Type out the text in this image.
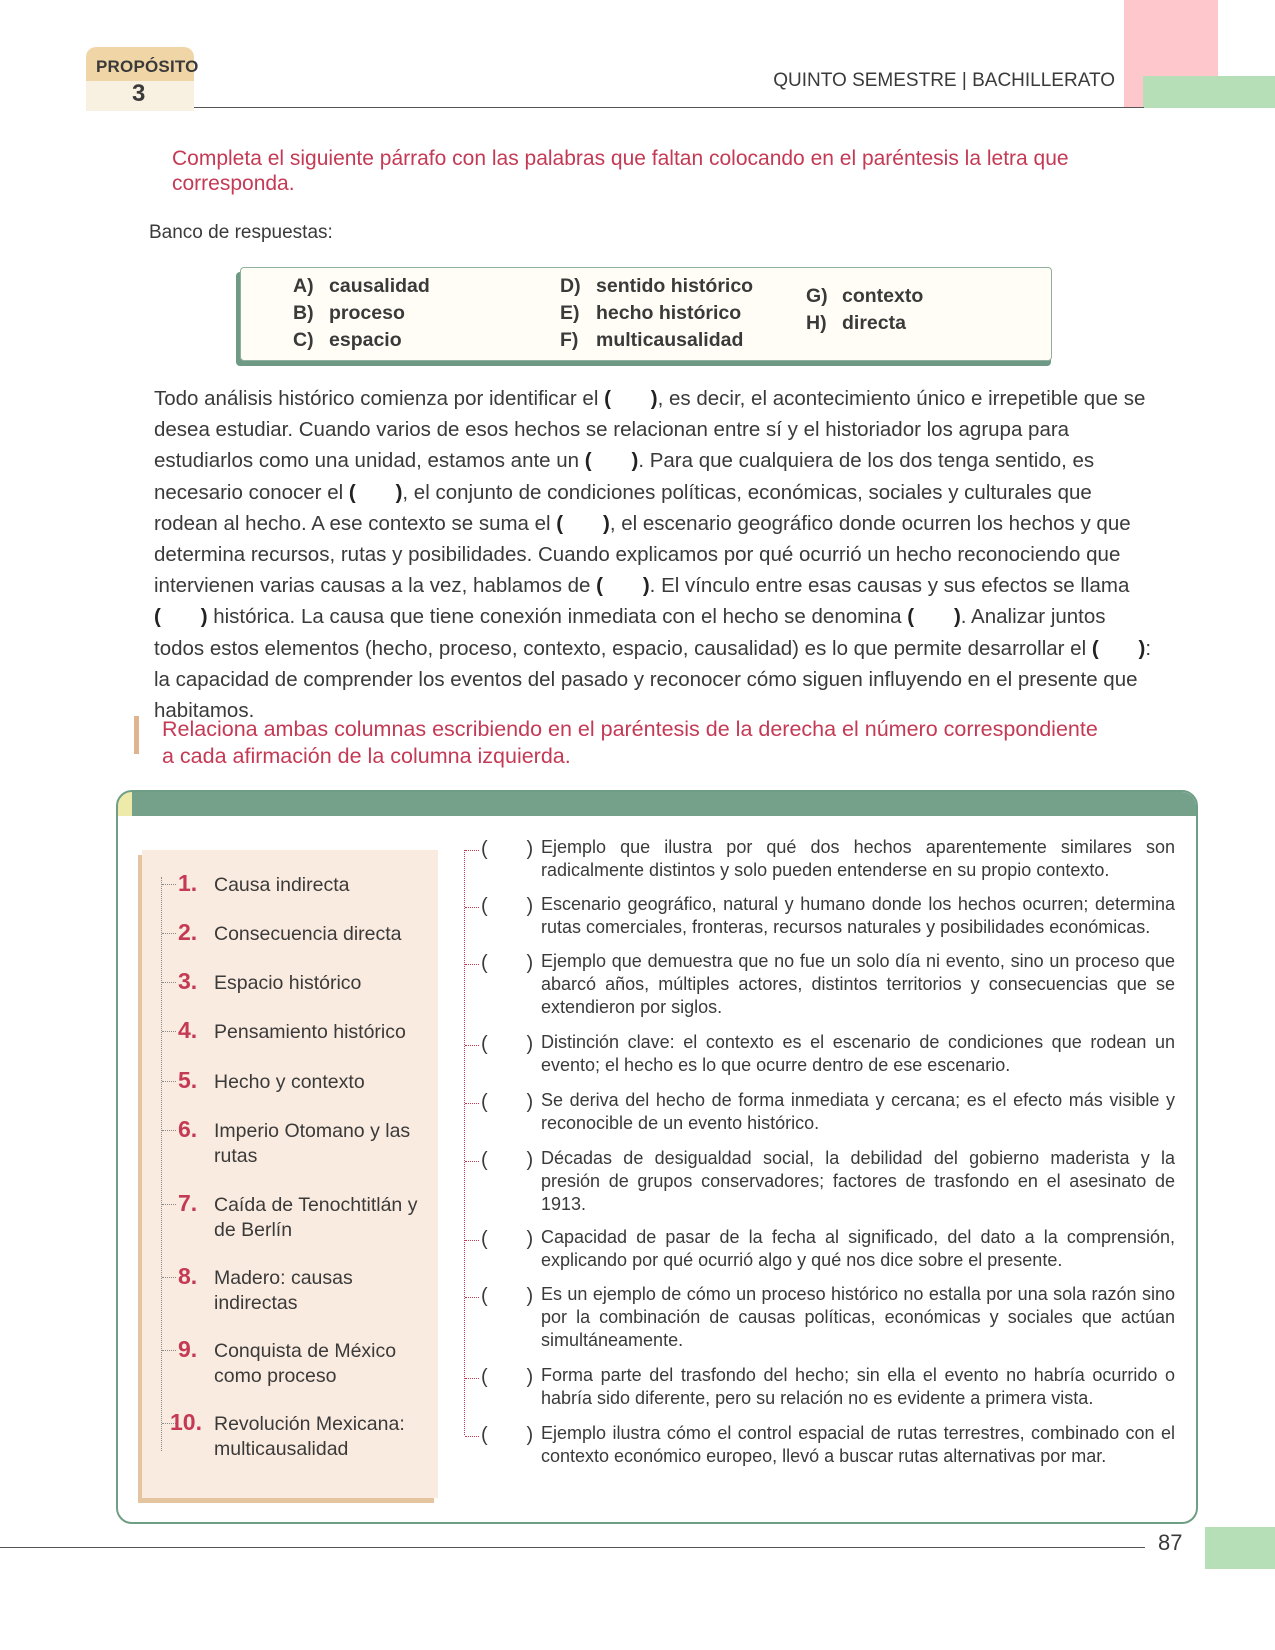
PROPÓSITO
3	QUINTO SEMESTRE | BACHILLERATO
Completa el siguiente párrafo con las palabras que faltan colocando en el paréntesis la letra que
corresponda.
Banco de respuestas:
A) causalidad
B) proceso
C) espacio
D) sentido histórico
E) hecho histórico
F) multicausalidad
G) contexto
H) directa
Todo análisis histórico comienza por identificar el (       ), es decir, el acontecimiento único e irrepetible que se desea estudiar. Cuando varios de esos hechos se relacionan entre sí y el historiador los agrupa para estudiarlos como una unidad, estamos ante un (       ). Para que cualquiera de los dos tenga sentido, es necesario conocer el (       ), el conjunto de condiciones políticas, económicas, sociales y culturales que rodean al hecho. A ese contexto se suma el (       ), el escenario geográfico donde ocurren los hechos y que determina recursos, rutas y posibilidades. Cuando explicamos por qué ocurrió un hecho reconociendo que intervienen varias causas a la vez, hablamos de (       ). El vínculo entre esas causas y sus efectos se llama (       ) histórica. La causa que tiene conexión inmediata con el hecho se denomina (       ). Analizar juntos todos estos elementos (hecho, proceso, contexto, espacio, causalidad) es lo que permite desarrollar el (       ): la capacidad de comprender los eventos del pasado y reconocer cómo siguen influyendo en el presente que habitamos.
Relaciona ambas columnas escribiendo en el paréntesis de la derecha el número correspondiente
a cada afirmación de la columna izquierda.
1. Causa indirecta
2. Consecuencia directa
3. Espacio histórico
4. Pensamiento histórico
5. Hecho y contexto
6. Imperio Otomano y las rutas
7. Caída de Tenochtitlán y de Berlín
8. Madero: causas indirectas
9. Conquista de México como proceso
10. Revolución Mexicana: multicausalidad
(       ) Ejemplo que ilustra por qué dos hechos aparentemente similares son radicalmente distintos y solo pueden entenderse en su propio contexto.
(       ) Escenario geográfico, natural y humano donde los hechos ocurren; determina rutas comerciales, fronteras, recursos naturales y posibilidades económicas.
(       ) Ejemplo que demuestra que no fue un solo día ni evento, sino un proceso que abarcó años, múltiples actores, distintos territorios y consecuencias que se extendieron por siglos.
(       ) Distinción clave: el contexto es el escenario de condiciones que rodean un evento; el hecho es lo que ocurre dentro de ese escenario.
(       ) Se deriva del hecho de forma inmediata y cercana; es el efecto más visible y reconocible de un evento histórico.
(       ) Décadas de desigualdad social, la debilidad del gobierno maderista y la presión de grupos conservadores; factores de trasfondo en el asesinato de 1913.
(       ) Capacidad de pasar de la fecha al significado, del dato a la comprensión, explicando por qué ocurrió algo y qué nos dice sobre el presente.
(       ) Es un ejemplo de cómo un proceso histórico no estalla por una sola razón sino por la combinación de causas políticas, económicas y sociales que actúan simultáneamente.
(       ) Forma parte del trasfondo del hecho; sin ella el evento no habría ocurrido o habría sido diferente, pero su relación no es evidente a primera vista.
(       ) Ejemplo ilustra cómo el control espacial de rutas terrestres, combinado con el contexto económico europeo, llevó a buscar rutas alternativas por mar.
87
